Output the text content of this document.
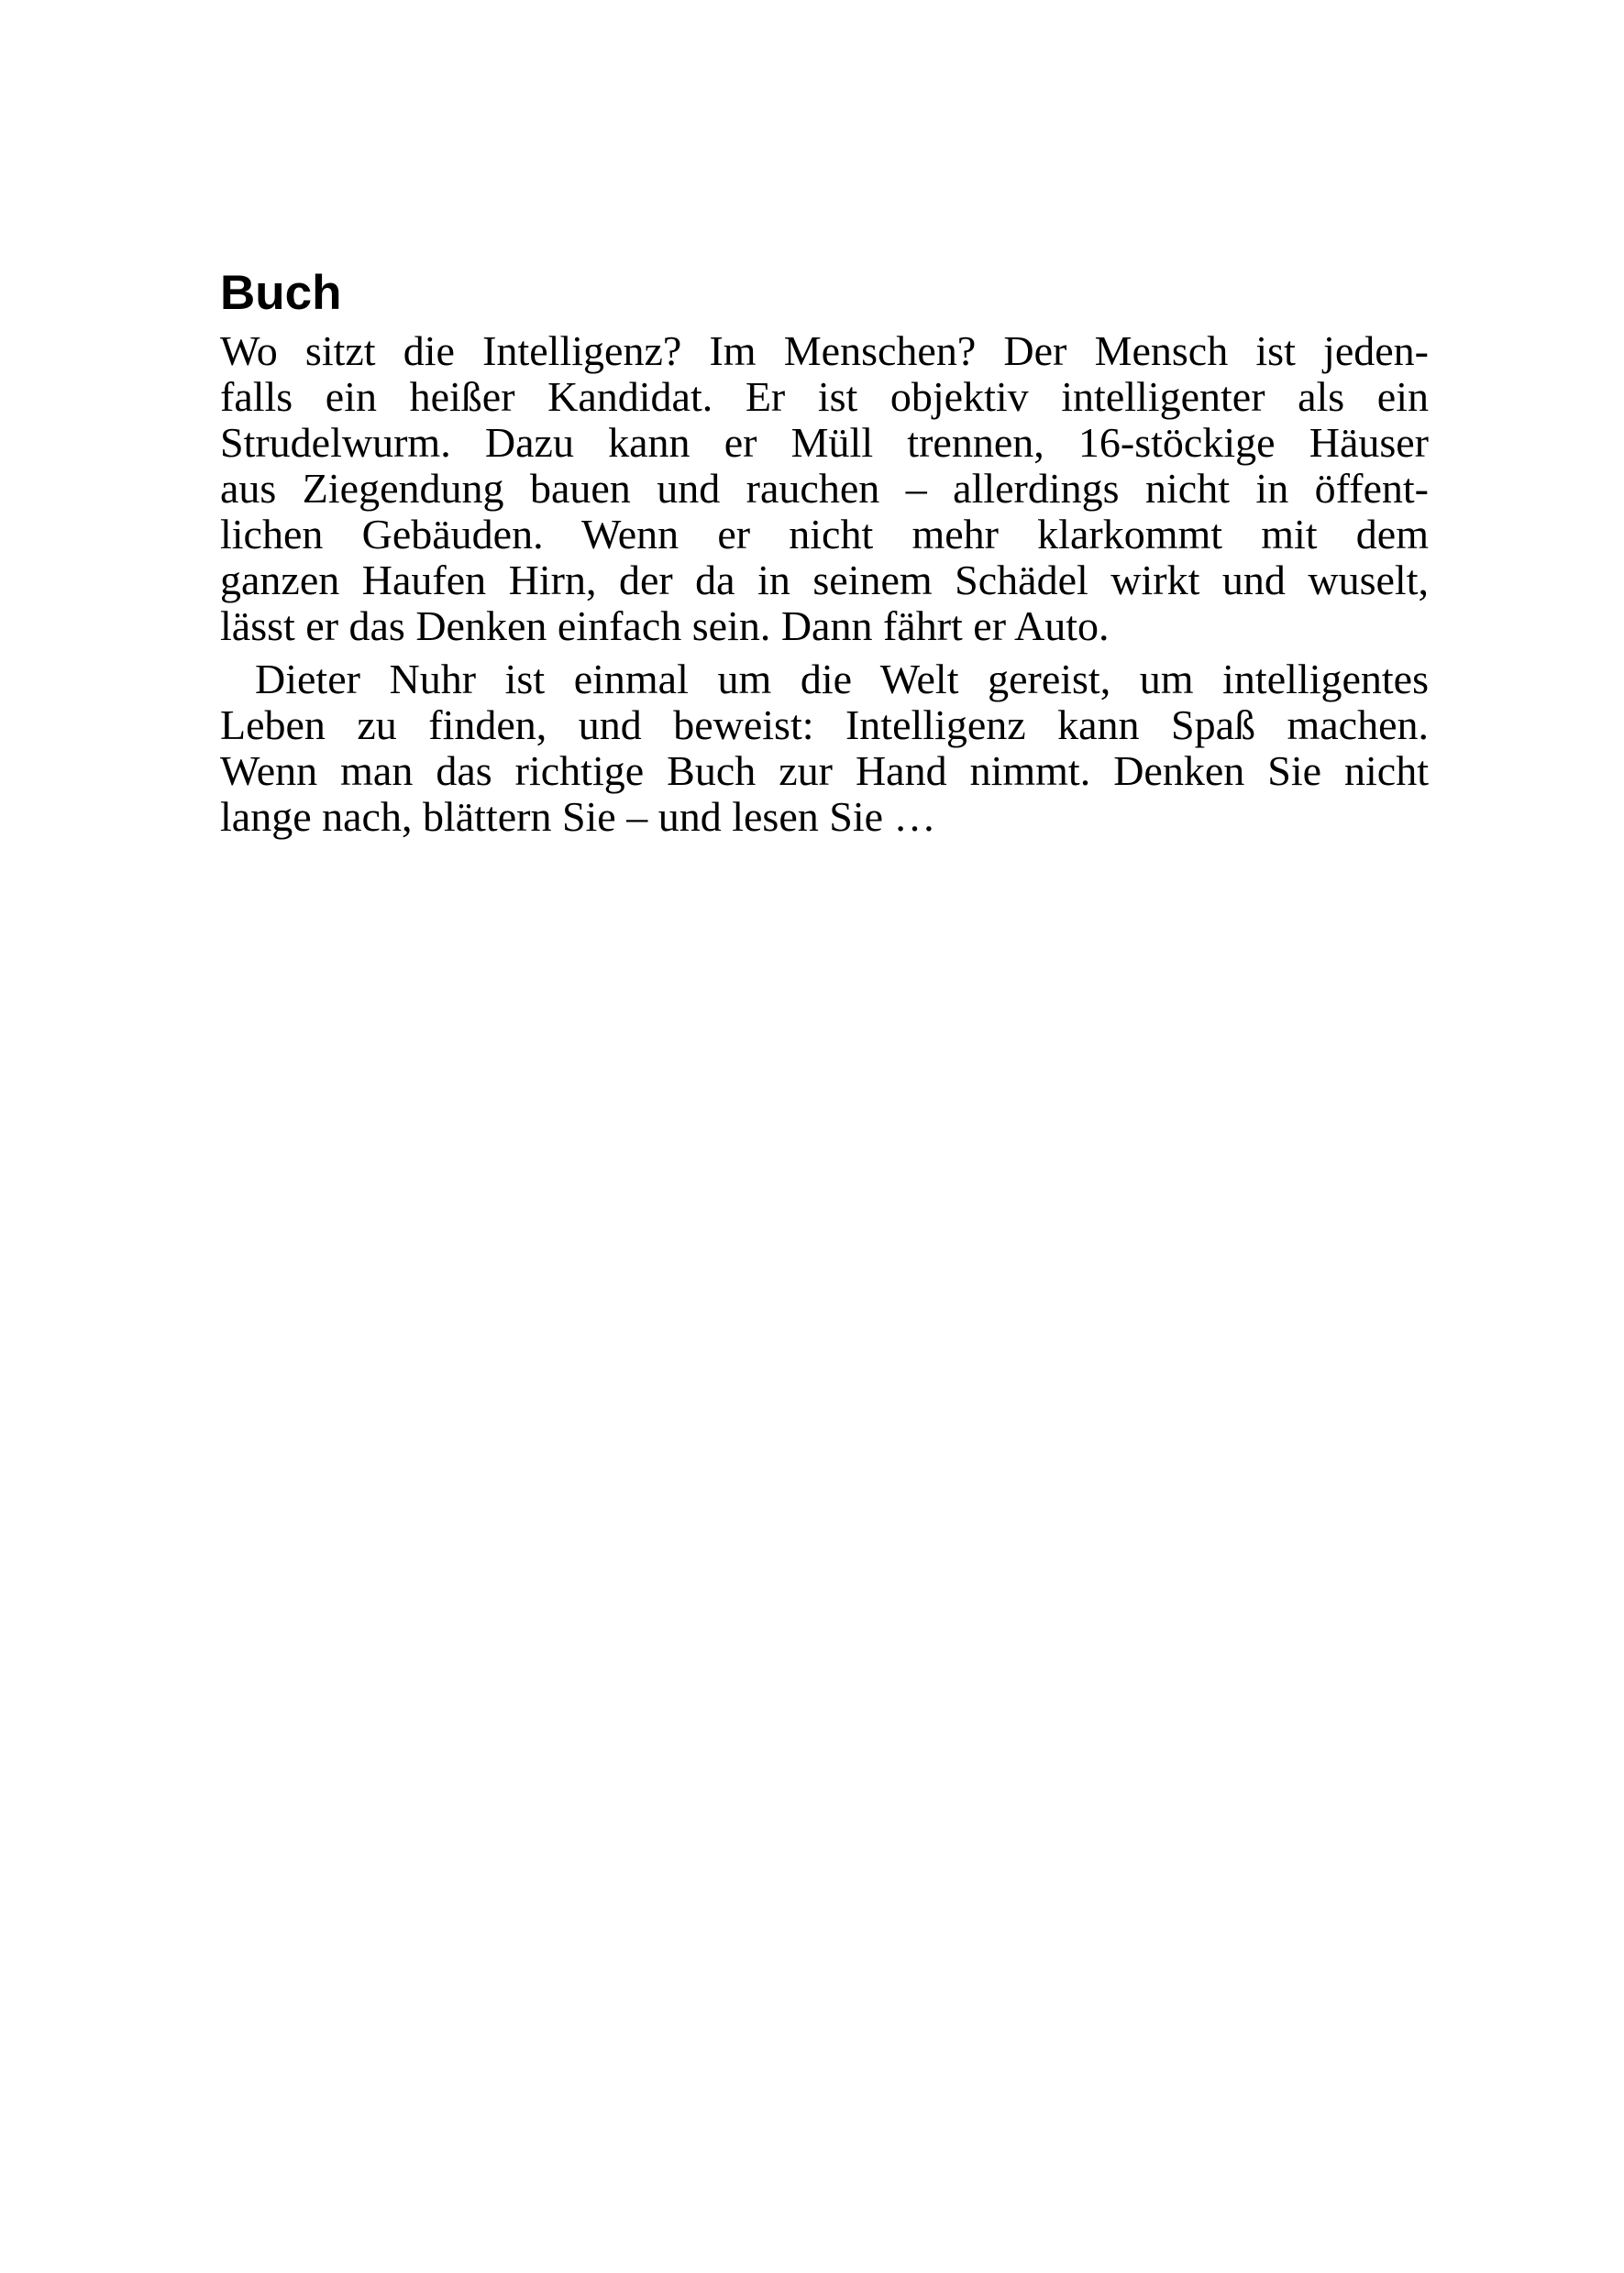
Buch

Wo sitzt die Intelligenz? Im Menschen? Der Mensch ist jeden-
falls ein heißer Kandidat. Er ist objektiv intelligenter als ein
Strudelwurm. Dazu kann er Müll trennen, 16-stöckige Häuser
aus Ziegendung bauen und rauchen – allerdings nicht in öffent-
lichen Gebäuden. Wenn er nicht mehr klarkommt mit dem
ganzen Haufen Hirn, der da in seinem Schädel wirkt und wuselt,
lässt er das Denken einfach sein. Dann fährt er Auto.

Dieter Nuhr ist einmal um die Welt gereist, um intelligentes
Leben zu finden, und beweist: Intelligenz kann Spaß machen.
Wenn man das richtige Buch zur Hand nimmt. Denken Sie nicht
lange nach, blättern Sie – und lesen Sie …
